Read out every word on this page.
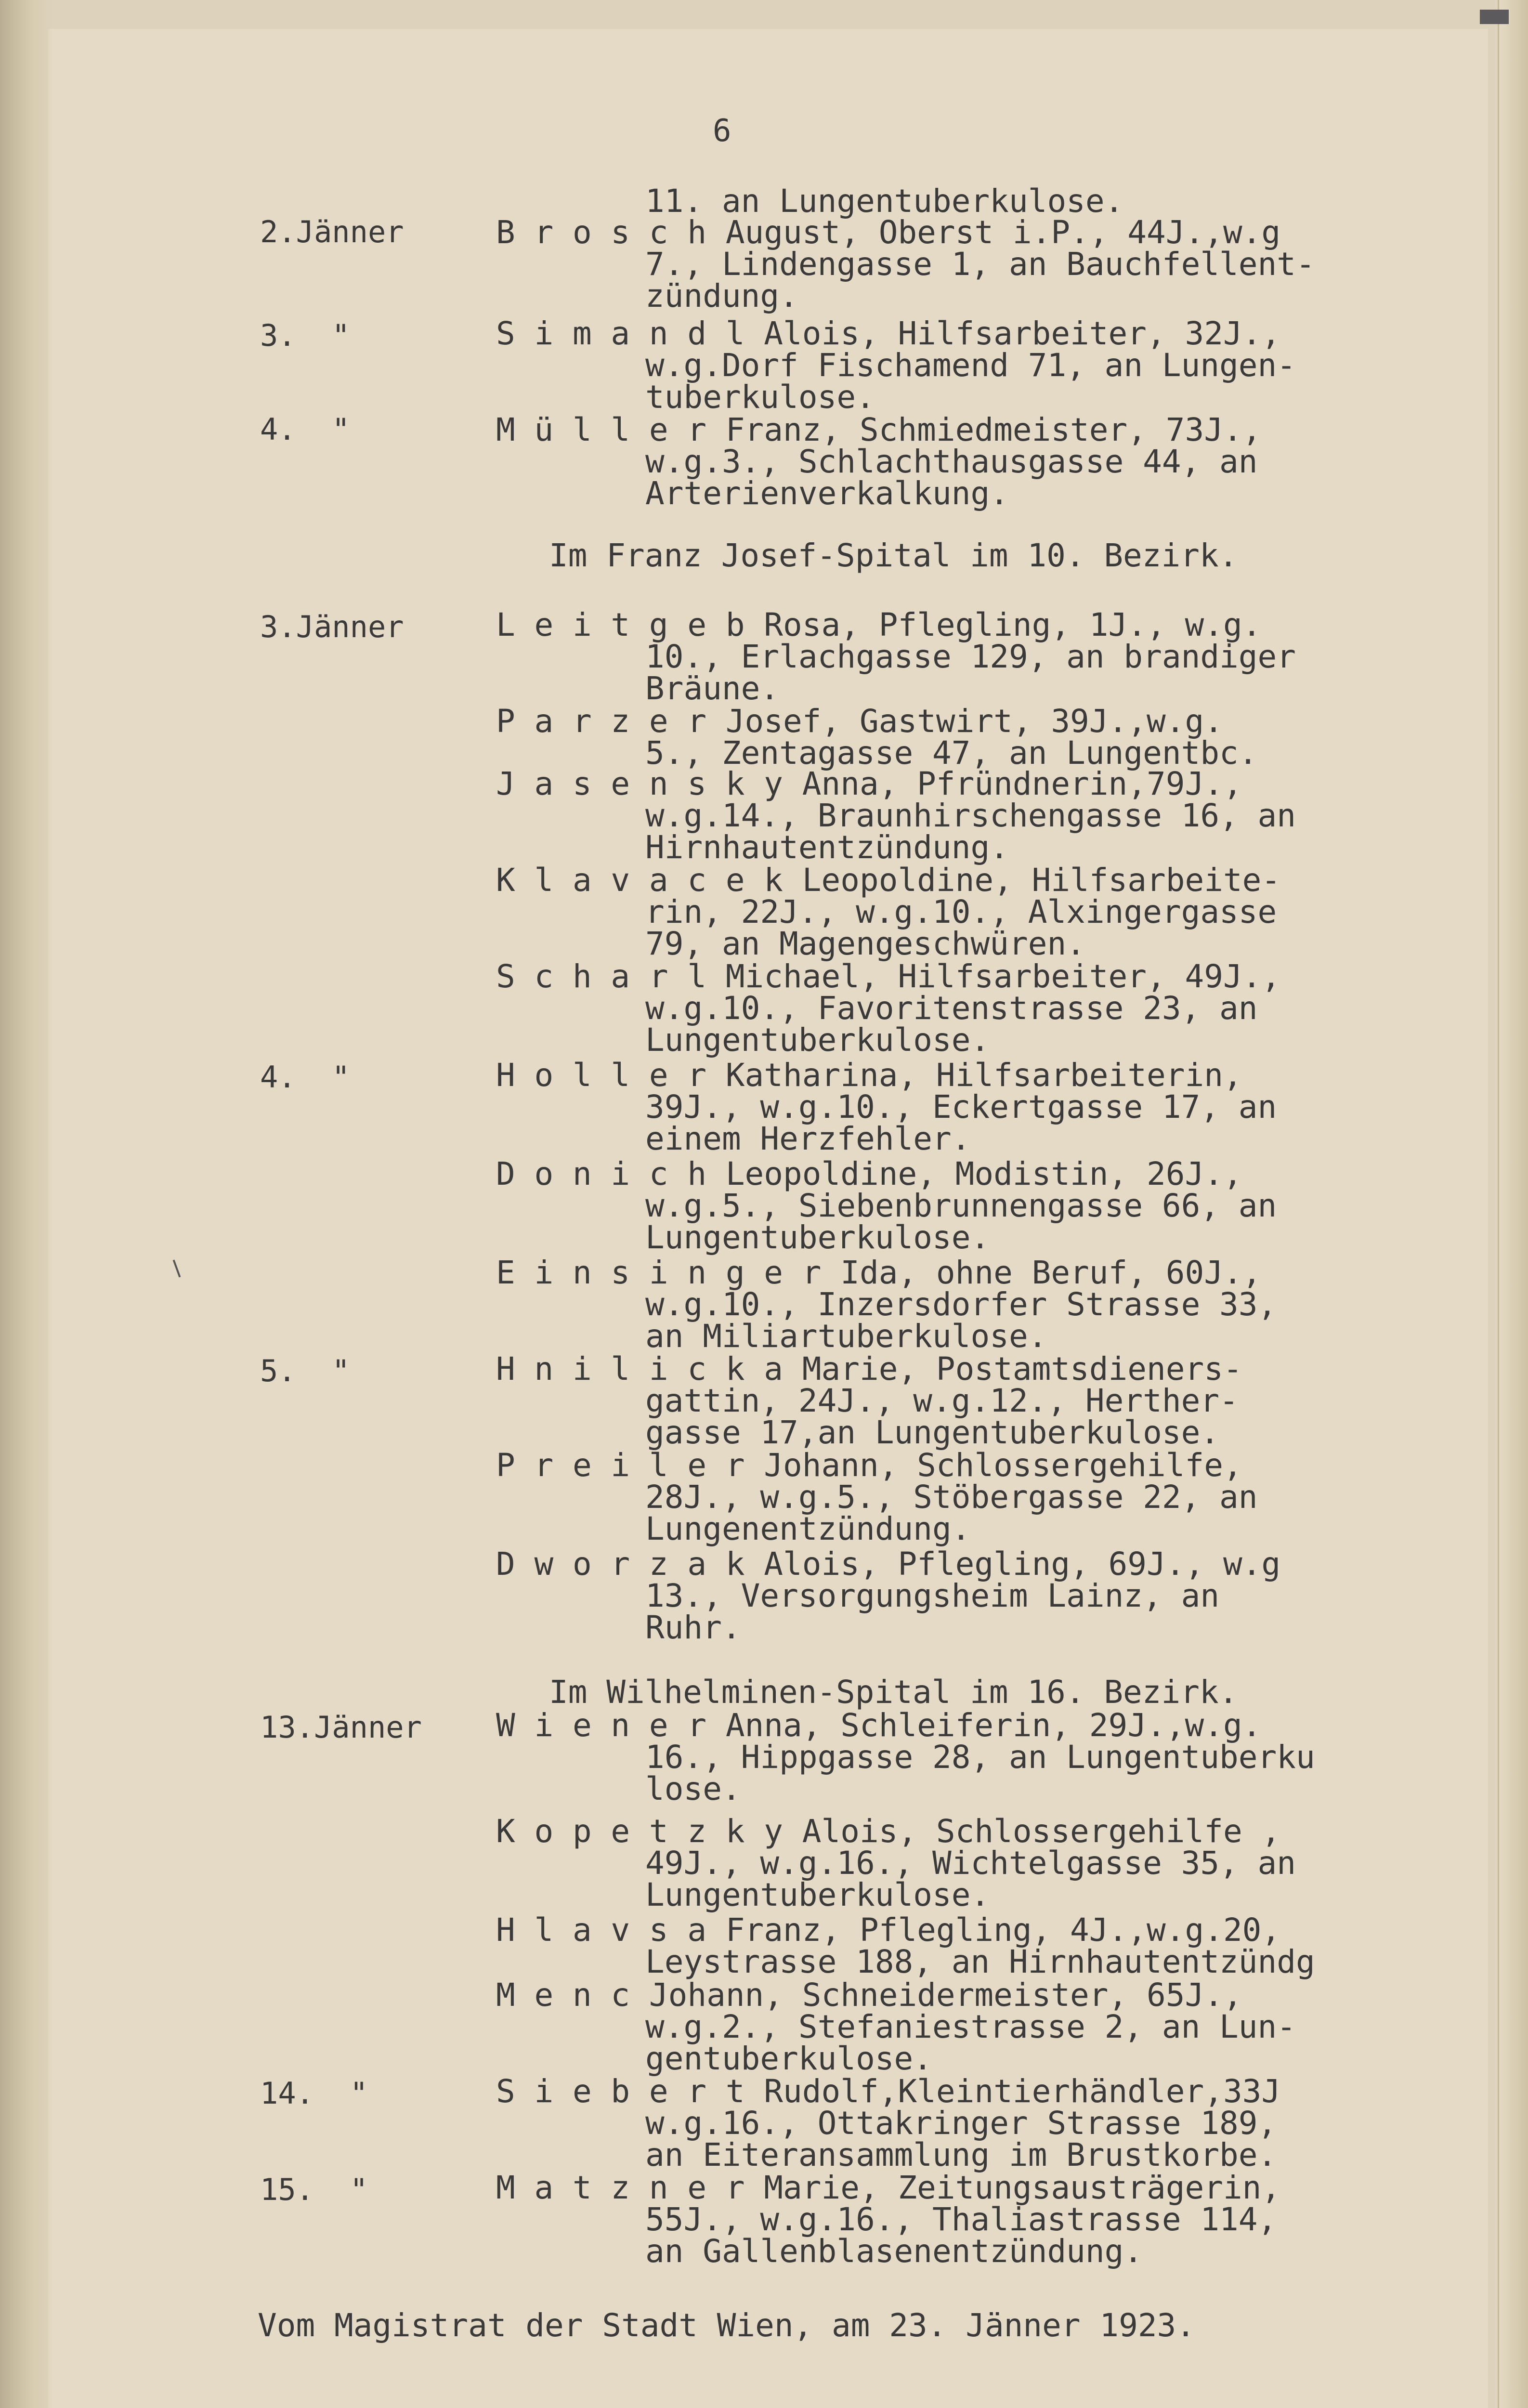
6
11. an Lungentuberkulose.
2.Jänner	B r o s c h August, Oberst i.P., 44J.,w.g
7., Lindengasse 1, an Bauchfellent-
zündung.
3.  "	S i m a n d l Alois, Hilfsarbeiter, 32J.,
w.g.Dorf Fischamend 71, an Lungen-
tuberkulose.
4.  "	M ü l l e r Franz, Schmiedmeister, 73J.,
w.g.3., Schlachthausgasse 44, an
Arterienverkalkung.
Im Franz Josef-Spital im 10. Bezirk.
3.Jänner	L e i t g e b Rosa, Pflegling, 1J., w.g.
10., Erlachgasse 129, an brandiger
Bräune.
P a r z e r Josef, Gastwirt, 39J.,w.g.
5., Zentagasse 47, an Lungentbc.
J a s e n s k y Anna, Pfründnerin,79J.,
w.g.14., Braunhirschengasse 16, an
Hirnhautentzündung.
K l a v a c e k Leopoldine, Hilfsarbeite-
rin, 22J., w.g.10., Alxingergasse
79, an Magengeschwüren.
S c h a r l Michael, Hilfsarbeiter, 49J.,
w.g.10., Favoritenstrasse 23, an
Lungentuberkulose.
4.  "	H o l l e r Katharina, Hilfsarbeiterin,
39J., w.g.10., Eckertgasse 17, an
einem Herzfehler.
D o n i c h Leopoldine, Modistin, 26J.,
w.g.5., Siebenbrunnengasse 66, an
Lungentuberkulose.
E i n s i n g e r Ida, ohne Beruf, 60J.,
w.g.10., Inzersdorfer Strasse 33,
an Miliartuberkulose.
5.  "	H n i l i c k a Marie, Postamtsdieners-
gattin, 24J., w.g.12., Herther-
gasse 17,an Lungentuberkulose.
P r e i l e r Johann, Schlossergehilfe,
28J., w.g.5., Stöbergasse 22, an
Lungenentzündung.
D w o r z a k Alois, Pflegling, 69J., w.g
13., Versorgungsheim Lainz, an
Ruhr.
Im Wilhelminen-Spital im 16. Bezirk.
13.Jänner	W i e n e r Anna, Schleiferin, 29J.,w.g.
16., Hippgasse 28, an Lungentuberku
lose.
K o p e t z k y Alois, Schlossergehilfe ,
49J., w.g.16., Wichtelgasse 35, an
Lungentuberkulose.
H l a v s a Franz, Pflegling, 4J.,w.g.20,
Leystrasse 188, an Hirnhautentzündg
M e n c Johann, Schneidermeister, 65J.,
w.g.2., Stefaniestrasse 2, an Lun-
gentuberkulose.
14.  "	S i e b e r t Rudolf,Kleintierhändler,33J
w.g.16., Ottakringer Strasse 189,
an Eiteransammlung im Brustkorbe.
15.  "	M a t z n e r Marie, Zeitungsausträgerin,
55J., w.g.16., Thaliastrasse 114,
an Gallenblasenentzündung.
Vom Magistrat der Stadt Wien, am 23. Jänner 1923.
